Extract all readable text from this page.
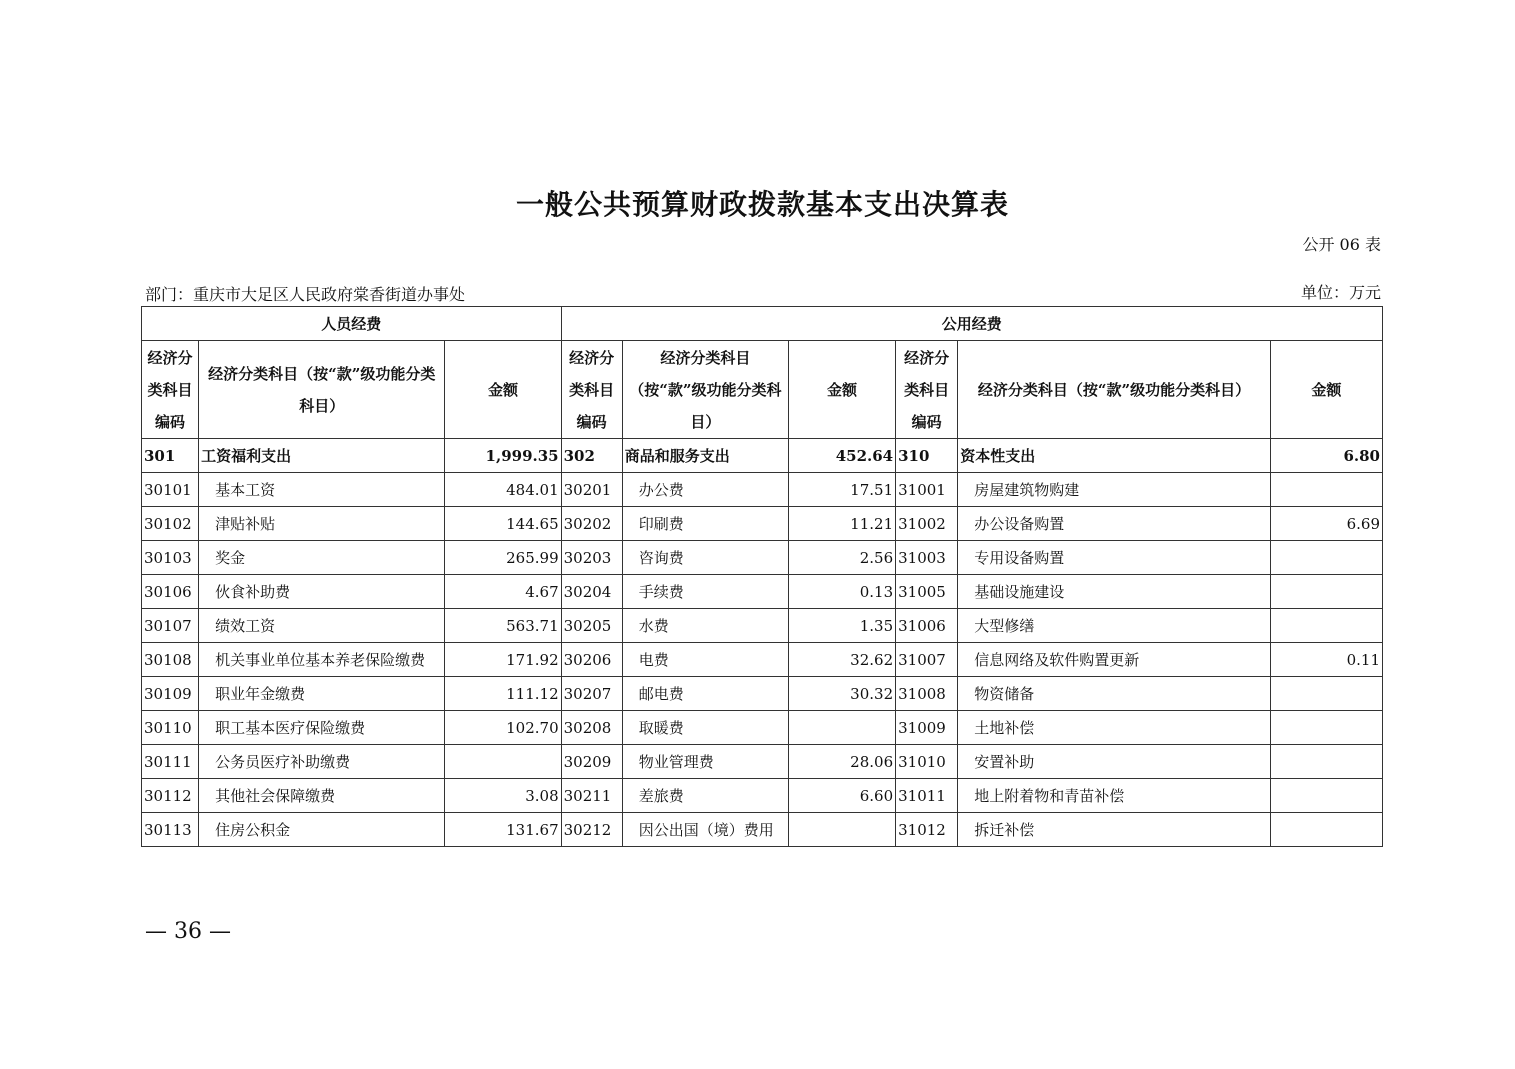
一般公共预算财政拨款基本支出决算表
公开 06 表
部门：重庆市大足区人民政府棠香街道办事处	单位：万元
人员经费			公用经费					
经济分类科目编码	经济分类科目（按“款”级功能分类科目）	金额	经济分类科目编码	经济分类科目（按“款”级功能分类科目）	金额	经济分类科目编码	经济分类科目（按“款”级功能分类科目）	金额
301	工资福利支出	1,999.35	302	商品和服务支出	452.64	310	资本性支出	6.80
30101	基本工资	484.01	30201	办公费	17.51	31001	房屋建筑物购建	
30102	津贴补贴	144.65	30202	印刷费	11.21	31002	办公设备购置	6.69
30103	奖金	265.99	30203	咨询费	2.56	31003	专用设备购置	
30106	伙食补助费	4.67	30204	手续费	0.13	31005	基础设施建设	
30107	绩效工资	563.71	30205	水费	1.35	31006	大型修缮	
30108	机关事业单位基本养老保险缴费	171.92	30206	电费	32.62	31007	信息网络及软件购置更新	0.11
30109	职业年金缴费	111.12	30207	邮电费	30.32	31008	物资储备	
30110	职工基本医疗保险缴费	102.70	30208	取暖费		31009	土地补偿	
30111	公务员医疗补助缴费		30209	物业管理费	28.06	31010	安置补助	
30112	其他社会保障缴费	3.08	30211	差旅费	6.60	31011	地上附着物和青苗补偿	
30113	住房公积金	131.67	30212	因公出国（境）费用		31012	拆迁补偿	
— 36 —
